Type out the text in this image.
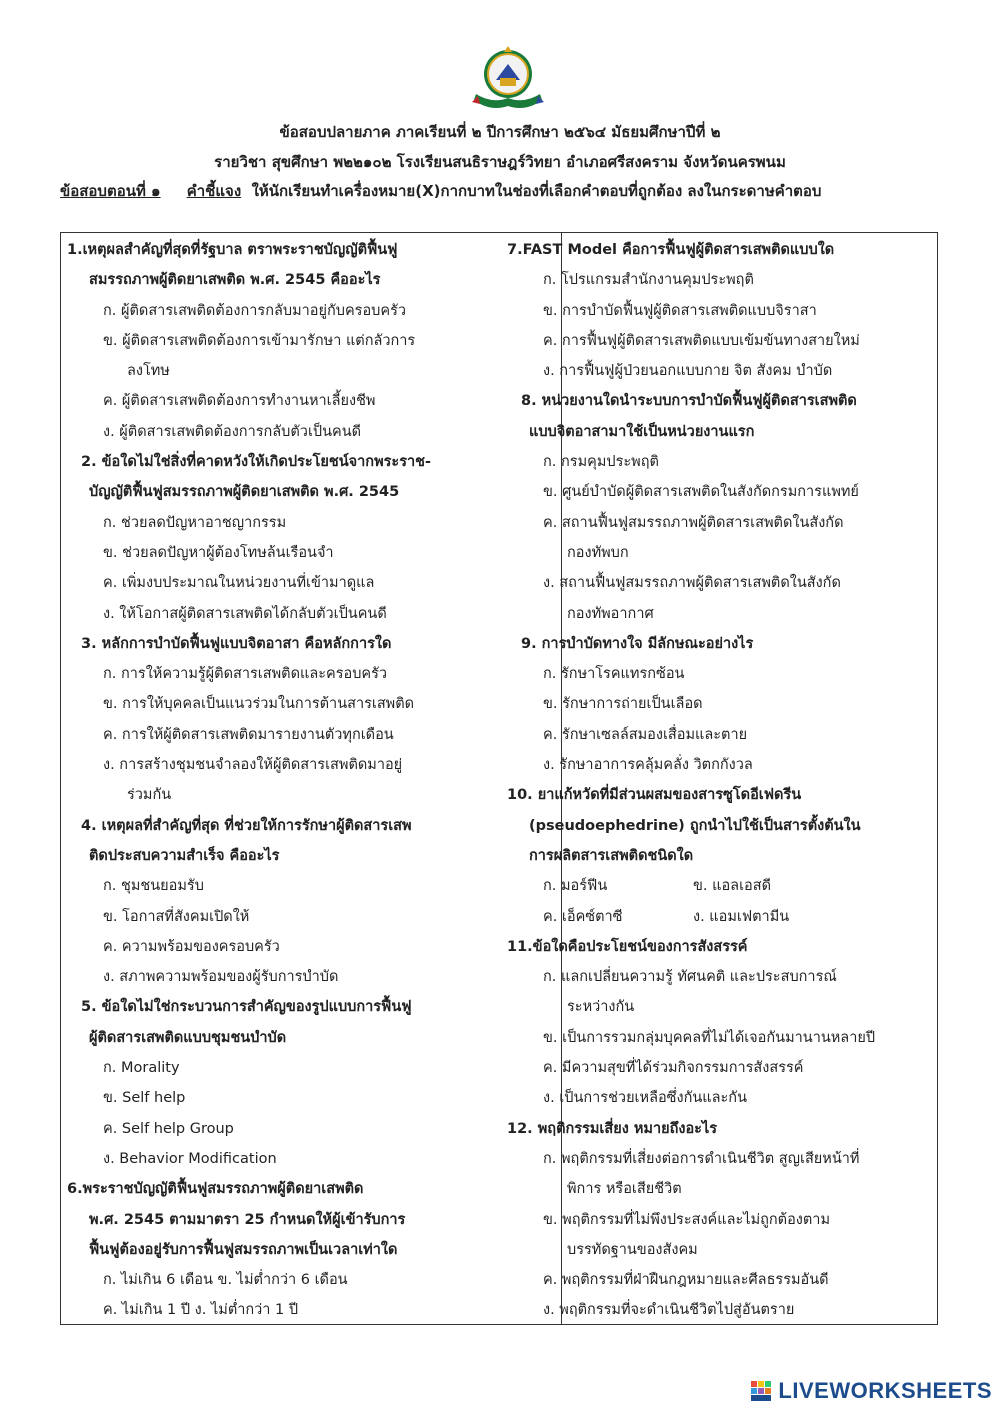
ข้อสอบปลายภาค ภาคเรียนที่ ๒ ปีการศึกษา ๒๕๖๔ มัธยมศึกษาปีที่ ๒
รายวิชา สุขศึกษา พ๒๒๑๐๒ โรงเรียนสนธิราษฎร์วิทยา อำเภอศรีสงคราม จังหวัดนครพนม
ข้อสอบตอนที่ ๑ คำชี้แจง ให้นักเรียนทำเครื่องหมาย(X)กากบาทในช่องที่เลือกคำตอบที่ถูกต้อง ลงในกระดาษคำตอบ
1.เหตุผลสำคัญที่สุดที่รัฐบาล ตราพระราชบัญญัติฟื้นฟู
สมรรถภาพผู้ติดยาเสพติด พ.ศ. 2545 คืออะไร
ก. ผู้ติดสารเสพติดต้องการกลับมาอยู่กับครอบครัว
ข. ผู้ติดสารเสพติดต้องการเข้ามารักษา แต่กลัวการ
ลงโทษ
ค. ผู้ติดสารเสพติดต้องการทำงานหาเลี้ยงชีพ
ง. ผู้ติดสารเสพติดต้องการกลับตัวเป็นคนดี
2. ข้อใดไม่ใช่สิ่งที่คาดหวังให้เกิดประโยชน์จากพระราช-
บัญญัติฟื้นฟูสมรรถภาพผู้ติดยาเสพติด พ.ศ. 2545
ก. ช่วยลดปัญหาอาชญากรรม
ข. ช่วยลดปัญหาผู้ต้องโทษล้นเรือนจำ
ค. เพิ่มงบประมาณในหน่วยงานที่เข้ามาดูแล
ง. ให้โอกาสผู้ติดสารเสพติดได้กลับตัวเป็นคนดี
3. หลักการบำบัดฟื้นฟูแบบจิตอาสา คือหลักการใด
ก. การให้ความรู้ผู้ติดสารเสพติดและครอบครัว
ข. การให้บุคคลเป็นแนวร่วมในการต้านสารเสพติด
ค. การให้ผู้ติดสารเสพติดมารายงานตัวทุกเดือน
ง. การสร้างชุมชนจำลองให้ผู้ติดสารเสพติดมาอยู่
ร่วมกัน
4. เหตุผลที่สำคัญที่สุด ที่ช่วยให้การรักษาผู้ติดสารเสพ
ติดประสบความสำเร็จ คืออะไร
ก. ชุมชนยอมรับ
ข. โอกาสที่สังคมเปิดให้
ค. ความพร้อมของครอบครัว
ง. สภาพความพร้อมของผู้รับการบำบัด
5. ข้อใดไม่ใช่กระบวนการสำคัญของรูปแบบการฟื้นฟู
ผู้ติดสารเสพติดแบบชุมชนบำบัด
ก. Morality
ข. Self help
ค. Self help Group
ง. Behavior Modification
6.พระราชบัญญัติฟื้นฟูสมรรถภาพผู้ติดยาเสพติด
พ.ศ. 2545 ตามมาตรา 25 กำหนดให้ผู้เข้ารับการ
ฟื้นฟูต้องอยู่รับการฟื้นฟูสมรรถภาพเป็นเวลาเท่าใด
ก. ไม่เกิน 6 เดือน ข. ไม่ต่ำกว่า 6 เดือน
ค. ไม่เกิน 1 ปี ง. ไม่ต่ำกว่า 1 ปี
7.FAST Model คือการฟื้นฟูผู้ติดสารเสพติดแบบใด
ก. โปรแกรมสำนักงานคุมประพฤติ
ข. การบำบัดฟื้นฟูผู้ติดสารเสพติดแบบจิราสา
ค. การฟื้นฟูผู้ติดสารเสพติดแบบเข้มข้นทางสายใหม่
ง. การฟื้นฟูผู้ป่วยนอกแบบกาย จิต สังคม บำบัด
8. หน่วยงานใดนำระบบการบำบัดฟื้นฟูผู้ติดสารเสพติด
แบบจิตอาสามาใช้เป็นหน่วยงานแรก
ก. กรมคุมประพฤติ
ข. ศูนย์บำบัดผู้ติดสารเสพติดในสังกัดกรมการแพทย์
ค. สถานฟื้นฟูสมรรถภาพผู้ติดสารเสพติดในสังกัด
กองทัพบก
ง. สถานฟื้นฟูสมรรถภาพผู้ติดสารเสพติดในสังกัด
กองทัพอากาศ
9. การบำบัดทางใจ มีลักษณะอย่างไร
ก. รักษาโรคแทรกซ้อน
ข. รักษาการถ่ายเป็นเลือด
ค. รักษาเซลล์สมองเสื่อมและตาย
ง. รักษาอาการคลุ้มคลั่ง วิตกกังวล
10. ยาแก้หวัดที่มีส่วนผสมของสารซูโดอีเฟดรีน
(pseudoephedrine) ถูกนำไปใช้เป็นสารตั้งต้นใน
การผลิตสารเสพติดชนิดใด
ก. มอร์ฟีน	ข. แอลเอสดี
ค. เอ็คซ์ตาซี	ง. แอมเฟตามีน
11.ข้อใดคือประโยชน์ของการสังสรรค์
ก. แลกเปลี่ยนความรู้ ทัศนคติ และประสบการณ์
ระหว่างกัน
ข. เป็นการรวมกลุ่มบุคคลที่ไม่ได้เจอกันมานานหลายปี
ค. มีความสุขที่ได้ร่วมกิจกรรมการสังสรรค์
ง. เป็นการช่วยเหลือซึ่งกันและกัน
12. พฤติกรรมเสี่ยง หมายถึงอะไร
ก. พฤติกรรมที่เสี่ยงต่อการดำเนินชีวิต สูญเสียหน้าที่
พิการ หรือเสียชีวิต
ข. พฤติกรรมที่ไม่พึงประสงค์และไม่ถูกต้องตาม
บรรทัดฐานของสังคม
ค. พฤติกรรมที่ฝ่าฝืนกฎหมายและศีลธรรมอันดี
ง. พฤติกรรมที่จะดำเนินชีวิตไปสู่อันตราย
LIVEWORKSHEETS
